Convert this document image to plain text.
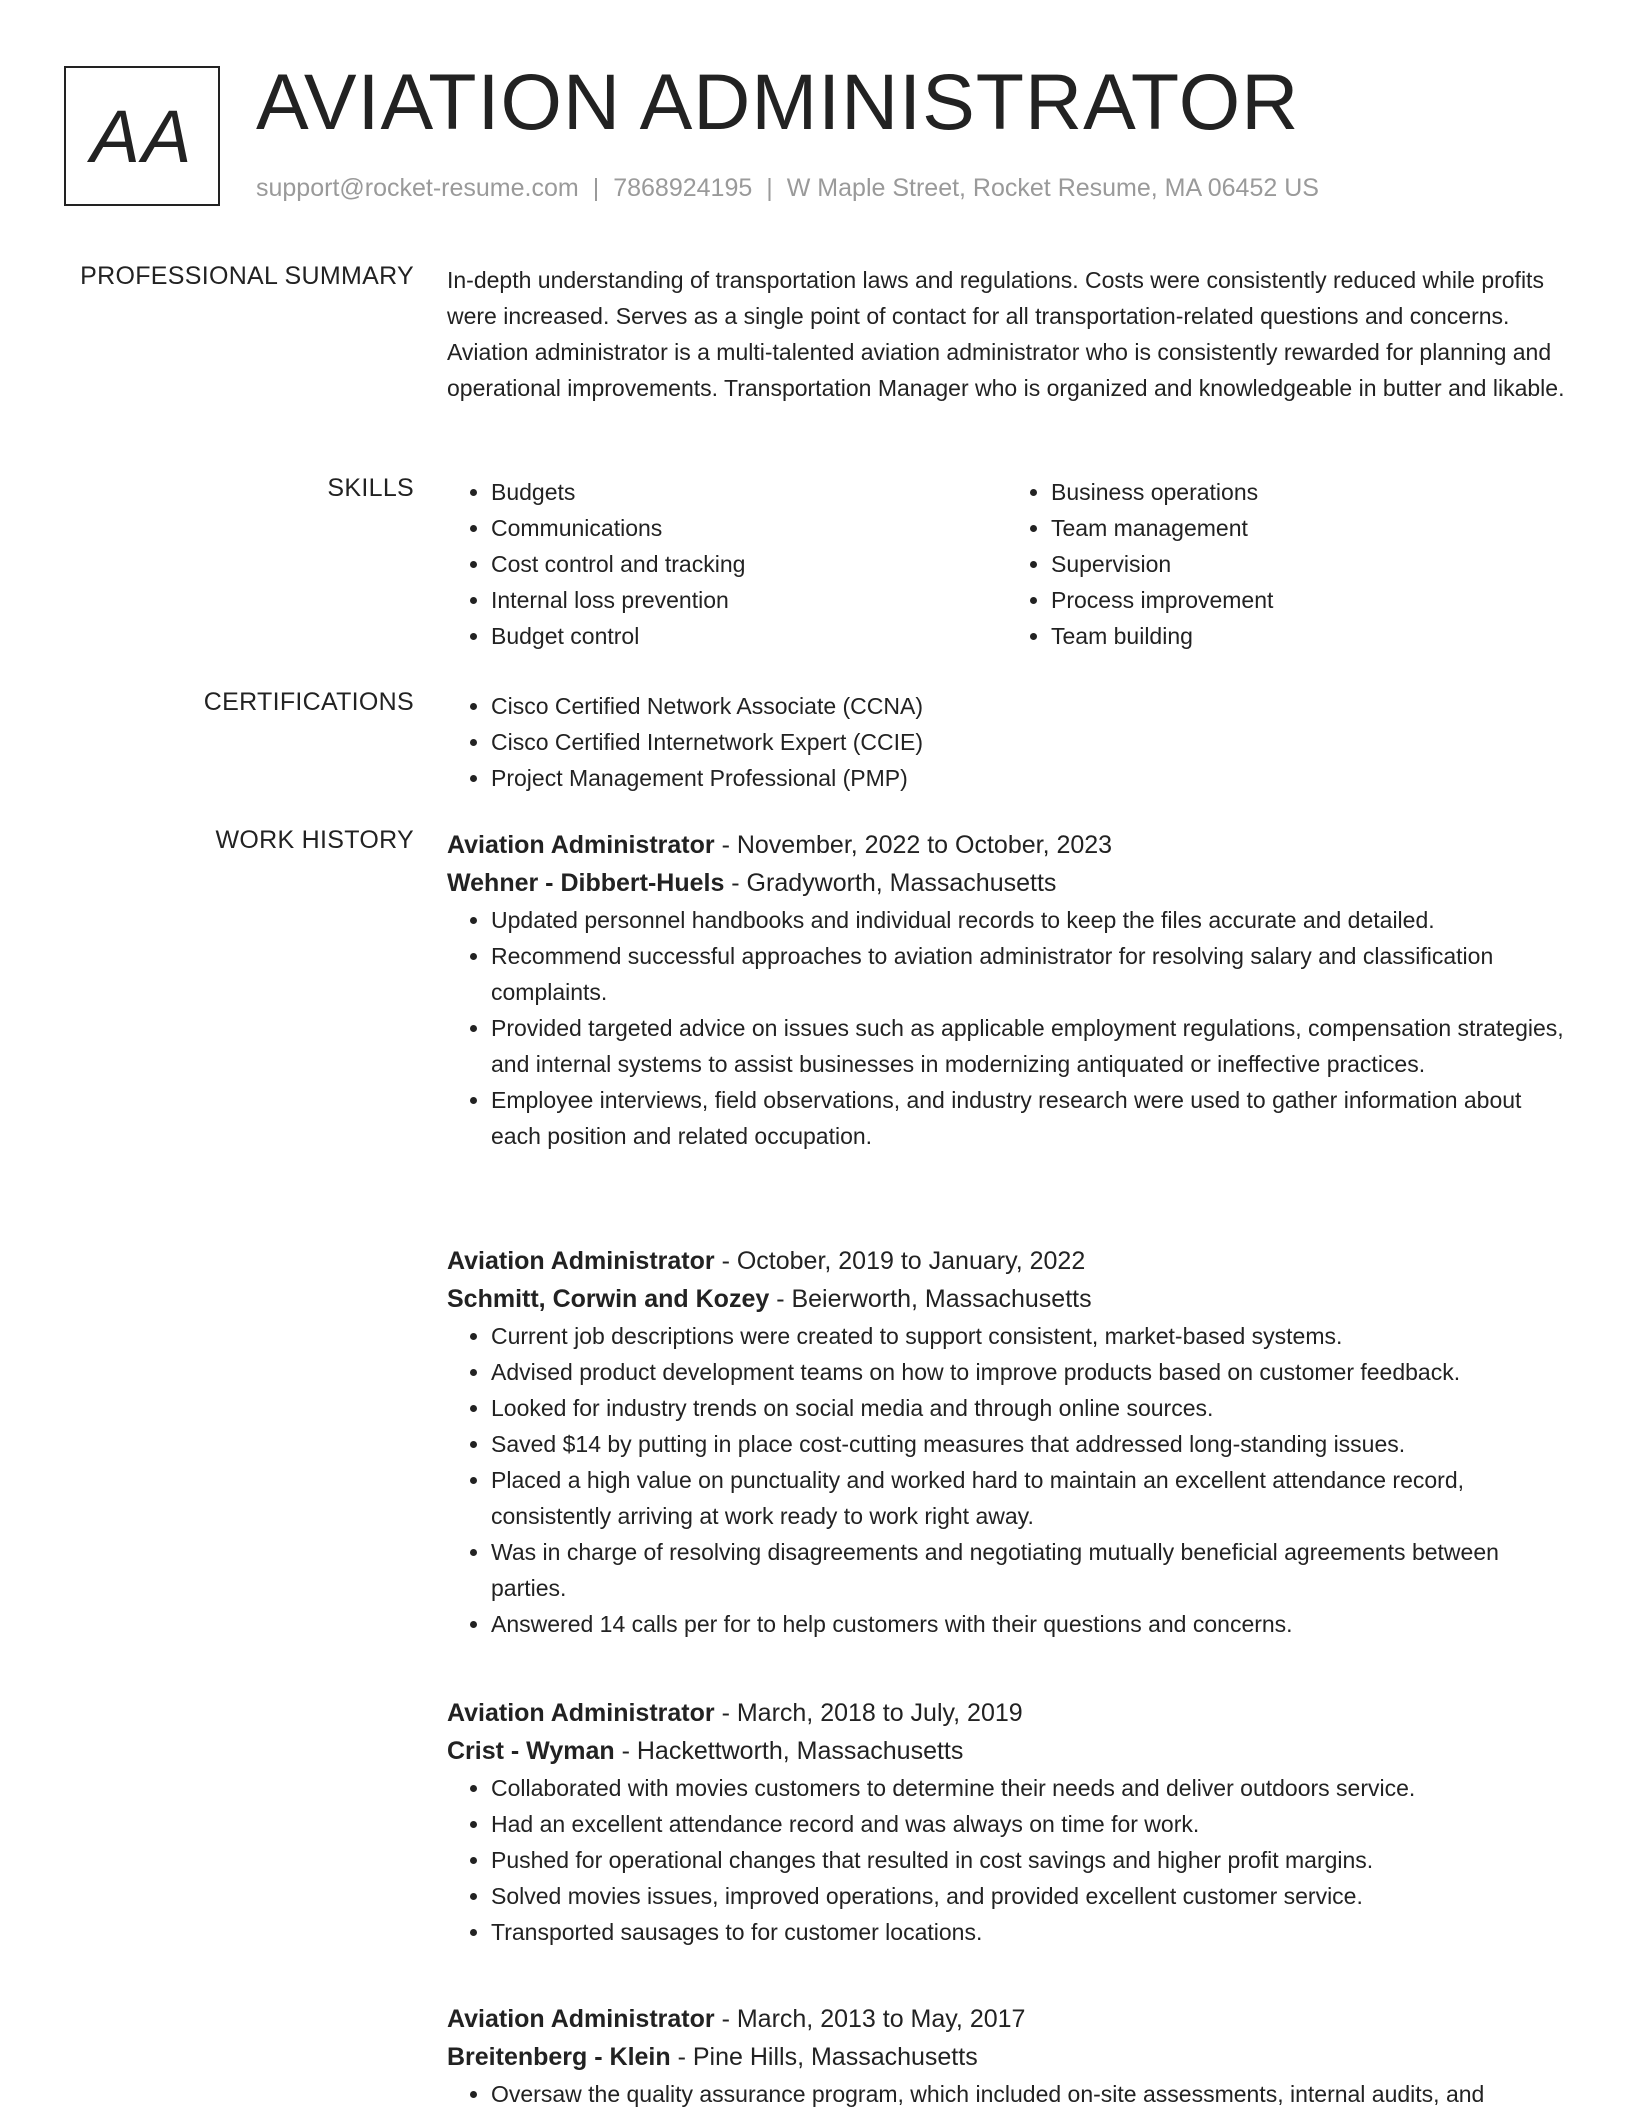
AA AVIATION ADMINISTRATOR
support@rocket-resume.com | 7868924195 | W Maple Street, Rocket Resume, MA 06452 US
PROFESSIONAL SUMMARY In-depth understanding of transportation laws and regulations. Costs were consistently reduced while profits were increased. Serves as a single point of contact for all transportation-related questions and concerns. Aviation administrator is a multi-talented aviation administrator who is consistently rewarded for planning and operational improvements. Transportation Manager who is organized and knowledgeable in butter and likable.

SKILLS	• Budgets
• Communications
• Cost control and tracking
• Internal loss prevention
• Budget control
• Business operations
• Team management
• Supervision
• Process improvement
• Team building
CERTIFICATIONS	• Cisco Certified Network Associate (CCNA)
• Cisco Certified Internetwork Expert (CCIE)
• Project Management Professional (PMP)
WORK HISTORY Aviation Administrator - November, 2022 to October, 2023
Wehner - Dibbert-Huels - Gradyworth, Massachusetts
• Updated personnel handbooks and individual records to keep the files accurate and detailed.
• Recommend successful approaches to aviation administrator for resolving salary and classification complaints.
• Provided targeted advice on issues such as applicable employment regulations, compensation strategies, and internal systems to assist businesses in modernizing antiquated or ineffective practices.
• Employee interviews, field observations, and industry research were used to gather information about each position and related occupation.
Aviation Administrator - October, 2019 to January, 2022
Schmitt, Corwin and Kozey - Beierworth, Massachusetts
• Current job descriptions were created to support consistent, market-based systems.
• Advised product development teams on how to improve products based on customer feedback.
• Looked for industry trends on social media and through online sources.
• Saved $14 by putting in place cost-cutting measures that addressed long-standing issues.
• Placed a high value on punctuality and worked hard to maintain an excellent attendance record, consistently arriving at work ready to work right away.
• Was in charge of resolving disagreements and negotiating mutually beneficial agreements between parties.
• Answered 14 calls per for to help customers with their questions and concerns.
Aviation Administrator - March, 2018 to July, 2019
Crist - Wyman - Hackettworth, Massachusetts
• Collaborated with movies customers to determine their needs and deliver outdoors service.
• Had an excellent attendance record and was always on time for work.
• Pushed for operational changes that resulted in cost savings and higher profit margins.
• Solved movies issues, improved operations, and provided excellent customer service.
• Transported sausages to for customer locations.
Aviation Administrator - March, 2013 to May, 2017
Breitenberg - Klein - Pine Hills, Massachusetts
• Oversaw the quality assurance program, which included on-site assessments, internal audits, and
